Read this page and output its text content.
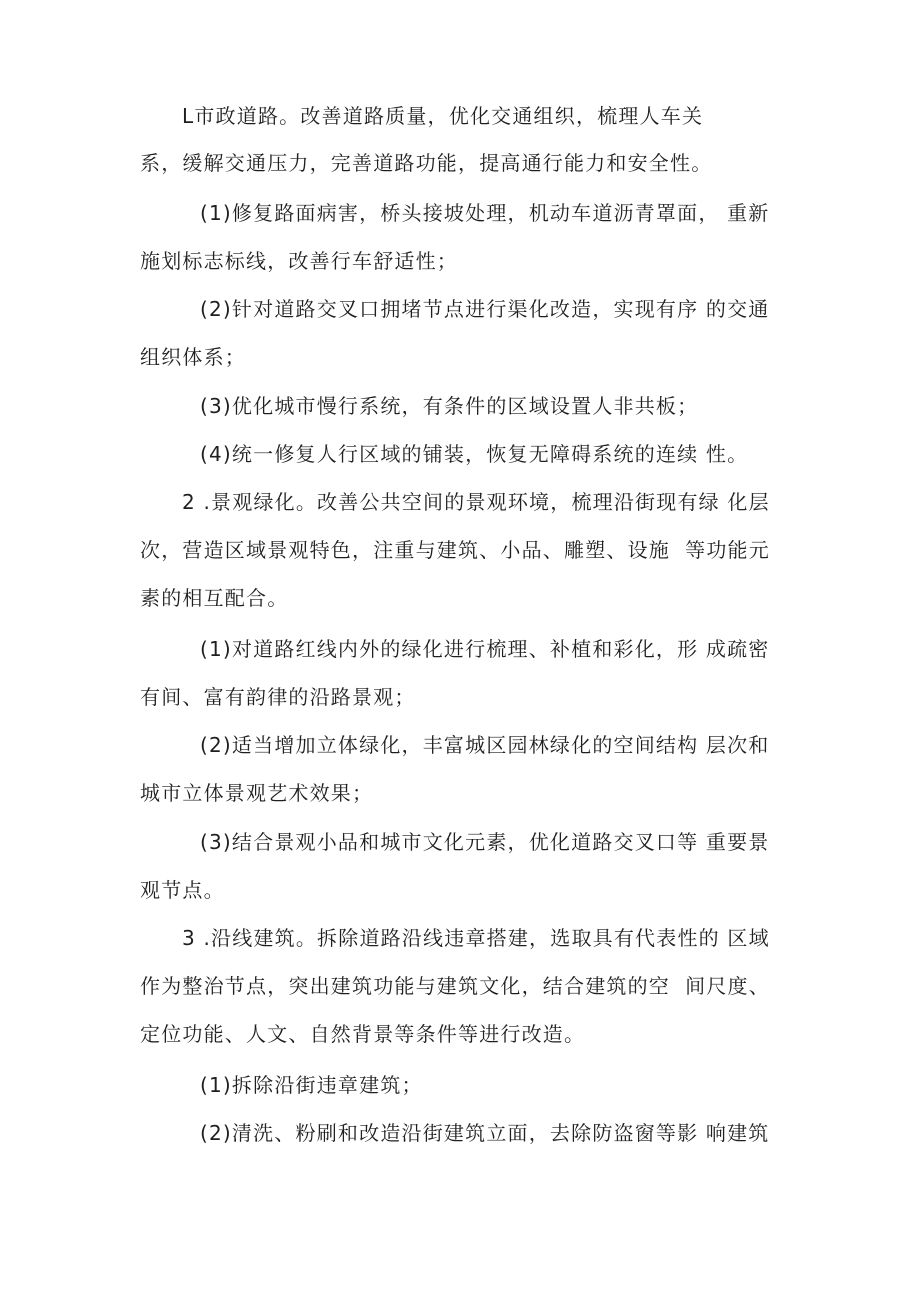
L市政道路。改善道路质量，优化交通组织，梳理人车关
系，缓解交通压力，完善道路功能，提高通行能力和安全性。
(1)修复路面病害，桥头接坡处理，机动车道沥青罩面， 重新
施划标志标线，改善行车舒适性；
(2)针对道路交叉口拥堵节点进行渠化改造，实现有序 的交通
组织体系；
(3)优化城市慢行系统，有条件的区域设置人非共板；
(4)统一修复人行区域的铺装，恢复无障碍系统的连续 性。
2 .景观绿化。改善公共空间的景观环境，梳理沿街现有绿 化层
次，营造区域景观特色，注重与建筑、小品、雕塑、设施  等功能元
素的相互配合。
(1)对道路红线内外的绿化进行梳理、补植和彩化，形 成疏密
有间、富有韵律的沿路景观；
(2)适当增加立体绿化，丰富城区园林绿化的空间结构 层次和
城市立体景观艺术效果；
(3)结合景观小品和城市文化元素，优化道路交叉口等 重要景
观节点。
3 .沿线建筑。拆除道路沿线违章搭建，选取具有代表性的 区域
作为整治节点，突出建筑功能与建筑文化，结合建筑的空  间尺度、
定位功能、人文、自然背景等条件等进行改造。
(1)拆除沿街违章建筑；
(2)清洗、粉刷和改造沿街建筑立面，去除防盗窗等影 响建筑
